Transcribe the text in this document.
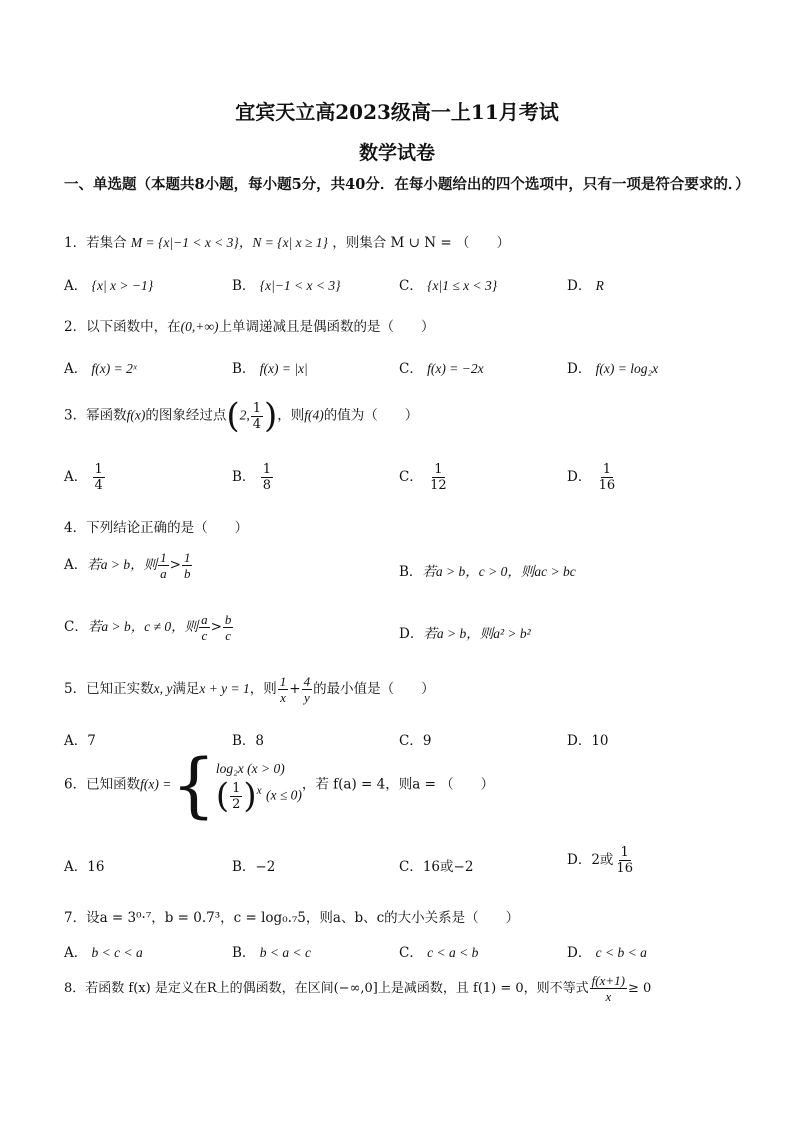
宜宾天立高2023级高一上11月考试
数学试卷
一、单选题（本题共8小题，每小题5分，共40分．在每小题给出的四个选项中，只有一项是符合要求的．）
1．若集合 M = {x|−1 < x < 3}，N = {x| x ≥ 1} ，则集合 M ∪ N = （　　）
A． {x| x > −1}	B． {x|−1 < x < 3}	C． {x|1 ≤ x < 3}	D． R
2．以下函数中，在(0,+∞)上单调递减且是偶函数的是（　　）
A． f(x) = 2ˣ	B． f(x) = |x|	C． f(x) = −2x	D． f(x) = log₂x
3．幂函数f(x)的图象经过点(2, $\frac{1}{4}$ )，则f(4)的值为（　　）
A． $\frac{1}{4}$	B． $\frac{1}{8}$	C． $\frac{1}{12}$	D． $\frac{1}{16}$
4．下列结论正确的是（　　）
A．若a > b，则 $\frac{1}{a} > \frac{1}{b}$	B．若a > b，c > 0，则ac > bc
C．若a > b，c ≠ 0，则 $\frac{a}{c} > \frac{b}{c}$	D．若a > b，则a² > b²
5．已知正实数x, y满足x + y = 1，则 $\frac{1}{x} + \frac{4}{y}$ 的最小值是（　　）
A．7	B．8	C．9	D．10
6．已知函数f(x) ={ log₂x (x > 0)
( $\frac{1}{2} )^x$ (x ≤ 0)
，若 f(a) = 4，则a = （　　）
A．16	B．−2	C．16或−2	D．2或 $\frac{1}{16}$
7．设a = 3⁰·⁷，b = 0.7³，c = log₀.₇5，则a、b、c的大小关系是（　　）
A． b < c < a	B． b < a < c	C． c < a < b	D． c < b < a
8．若函数 f(x) 是定义在R上的偶函数，在区间(−∞,0]上是减函数，且 f(1) = 0，则不等式 $\frac{f(x+1)}{x} \ge 0$
